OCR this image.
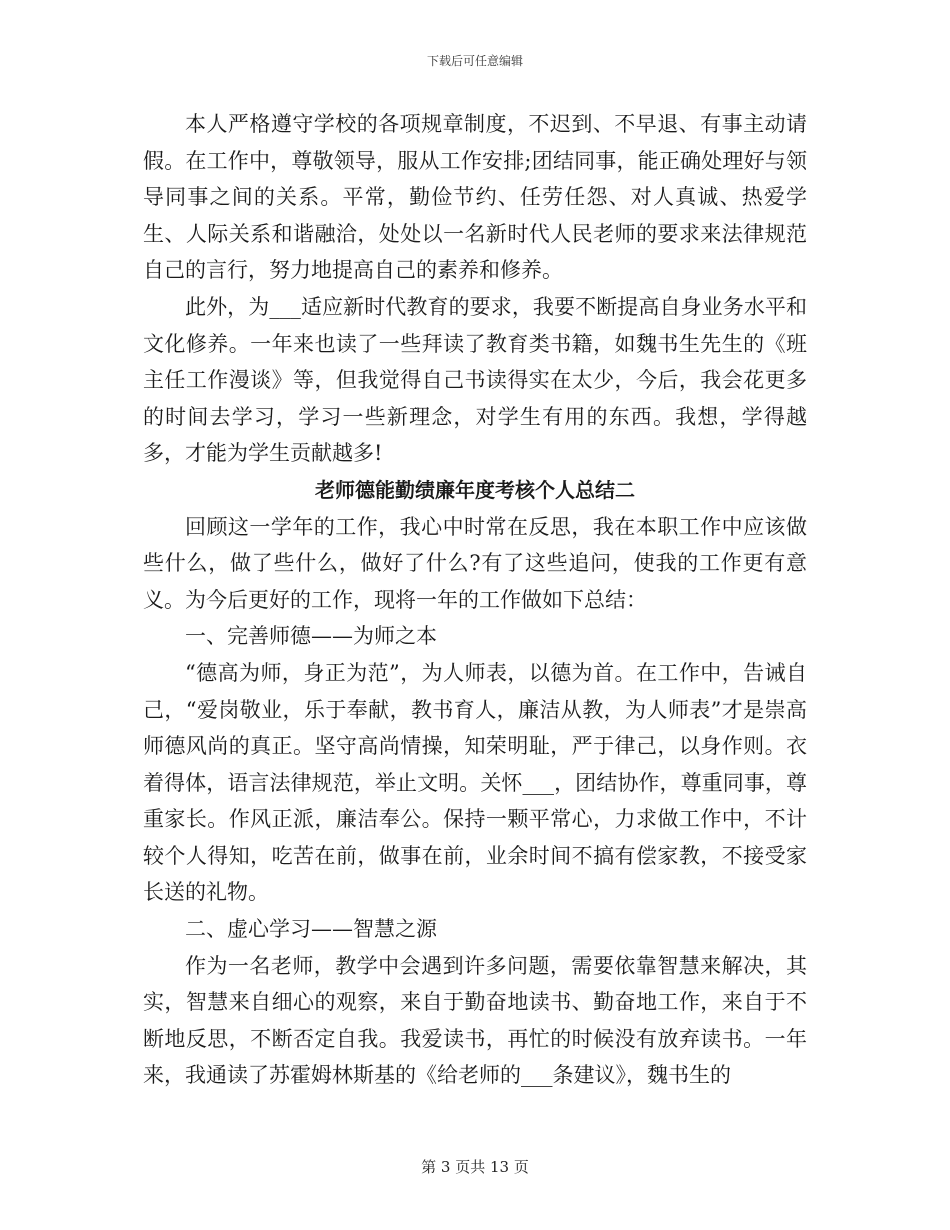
下载后可任意编辑

本人严格遵守学校的各项规章制度，不迟到、不早退、有事主动请假。在工作中，尊敬领导，服从工作安排;团结同事，能正确处理好与领导同事之间的关系。平常，勤俭节约、任劳任怨、对人真诚、热爱学生、人际关系和谐融洽，处处以一名新时代人民老师的要求来法律规范自己的言行，努力地提高自己的素养和修养。

此外，为___适应新时代教育的要求，我要不断提高自身业务水平和文化修养。一年来也读了一些拜读了教育类书籍，如魏书生先生的《班主任工作漫谈》等，但我觉得自己书读得实在太少，今后，我会花更多的时间去学习，学习一些新理念，对学生有用的东西。我想，学得越多，才能为学生贡献越多!

老师德能勤绩廉年度考核个人总结二

回顾这一学年的工作，我心中时常在反思，我在本职工作中应该做些什么，做了些什么，做好了什么?有了这些追问，使我的工作更有意义。为今后更好的工作，现将一年的工作做如下总结：

一、完善师德——为师之本

“德高为师，身正为范”，为人师表，以德为首。在工作中，告诫自己，“爱岗敬业，乐于奉献，教书育人，廉洁从教，为人师表”才是崇高师德风尚的真正。坚守高尚情操，知荣明耻，严于律己，以身作则。衣着得体，语言法律规范，举止文明。关怀___，团结协作，尊重同事，尊重家长。作风正派，廉洁奉公。保持一颗平常心，力求做工作中，不计较个人得知，吃苦在前，做事在前，业余时间不搞有偿家教，不接受家长送的礼物。

二、虚心学习——智慧之源

作为一名老师，教学中会遇到许多问题，需要依靠智慧来解决，其实，智慧来自细心的观察，来自于勤奋地读书、勤奋地工作，来自于不断地反思，不断否定自我。我爱读书，再忙的时候没有放弃读书。一年来，我通读了苏霍姆林斯基的《给老师的___条建议》，魏书生的

第 3 页共 13 页
